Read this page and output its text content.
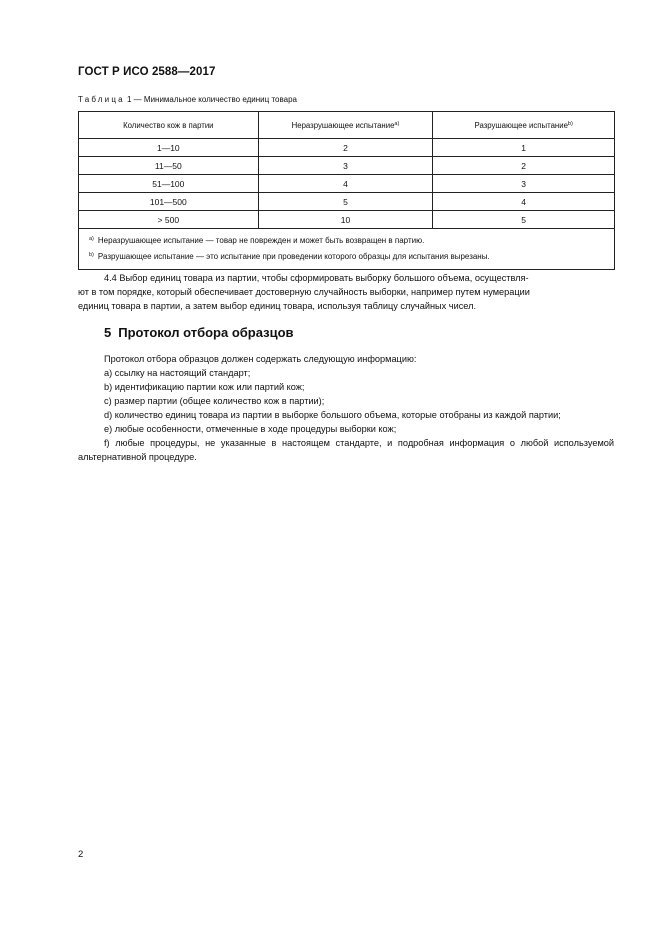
ГОСТ Р ИСО 2588—2017
Таблица 1 — Минимальное количество единиц товара
Количество кож в партии	Неразрушающее испытание$^{a)}$	Разрушающее испытание$^{b)}$
1—10	2	1
11—50	3	2
51—100	4	3
101—500	5	4
> 500	10	5

$^{a)}$ Неразрушающее испытание — товар не поврежден и может быть возвращен в партию.
$^{b)}$ Разрушающее испытание — это испытание при проведении которого образцы для испытания вырезаны.		
4.4 Выбор единиц товара из партии, чтобы сформировать выборку большого объема, осуществля-
ют в том порядке, который обеспечивает достоверную случайность выборки, например путем нумерации
единиц товара в партии, а затем выбор единиц товара, используя таблицу случайных чисел.
5 Протокол отбора образцов
Протокол отбора образцов должен содержать следующую информацию:
a) ссылку на настоящий стандарт;
b) идентификацию партии кож или партий кож;
c) размер партии (общее количество кож в партии);
d) количество единиц товара из партии в выборке большого объема, которые отобраны из каждой партии;
e) любые особенности, отмеченные в ходе процедуры выборки кож;
f) любые процедуры, не указанные в настоящем стандарте, и подробная информация о любой используемой альтернативной процедуре.
2
